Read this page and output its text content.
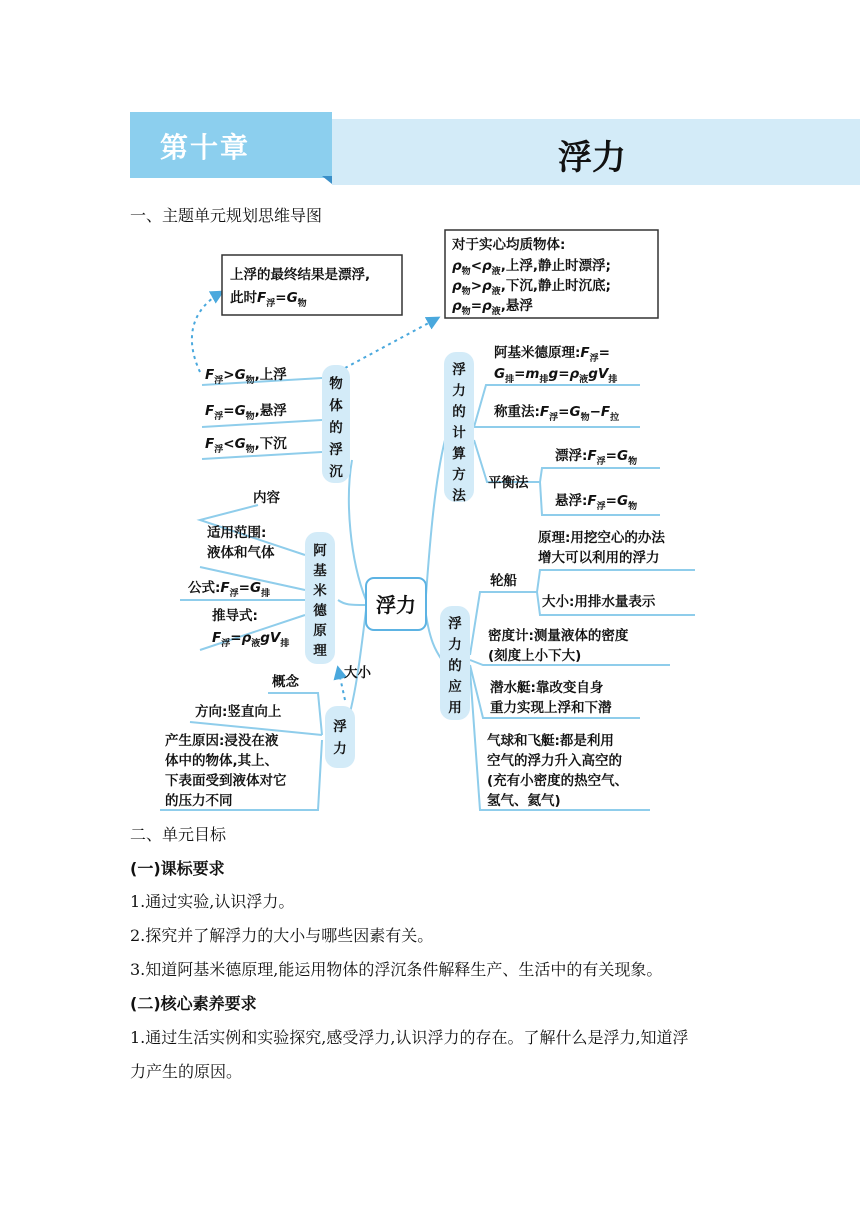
第十章	浮力
一、主题单元规划思维导图
上浮的最终结果是漂浮,
此时$F_浮=G_物$
对于实心均质物体:
$\rho_物<\rho_液$,上浮,静止时漂浮;
$\rho_物>\rho_液$,下沉,静止时沉底;
$\rho_物=\rho_液$,悬浮
浮力
物
体
的
浮
沉
$F_浮>G_物$,上浮
$F_浮=G_物$,悬浮
$F_浮<G_物$,下沉
阿
基
米
德
原
理
内容
适用范围:
液体和气体
公式$:F_浮=G_排$
推导式:
$F_浮=\rho_液gV_排$
大小
浮
力
概念
方向:竖直向上
产生原因:浸没在液
体中的物体,其上、
下表面受到液体对它
的压力不同
浮
力
的
计
算
方
法
阿基米德原理$:F_浮=$
$G_排=m_排g=\rho_液gV_排$
称重法$:F_浮=G_物-F_拉$
平衡法
漂浮$:F_浮=G_物$
悬浮$:F_浮=G_物$
浮
力
的
应
用
轮船
原理:用挖空心的办法
增大可以利用的浮力
大小:用排水量表示
密度计:测量液体的密度
(刻度上小下大)
潜水艇:靠改变自身
重力实现上浮和下潜
气球和飞艇:都是利用
空气的浮力升入高空的
(充有小密度的热空气、
氢气、氦气)
二、单元目标
(一)课标要求
1.通过实验,认识浮力。
2.探究并了解浮力的大小与哪些因素有关。
3.知道阿基米德原理,能运用物体的浮沉条件解释生产、生活中的有关现象。
(二)核心素养要求
1.通过生活实例和实验探究,感受浮力,认识浮力的存在。了解什么是浮力,知道浮
力产生的原因。
